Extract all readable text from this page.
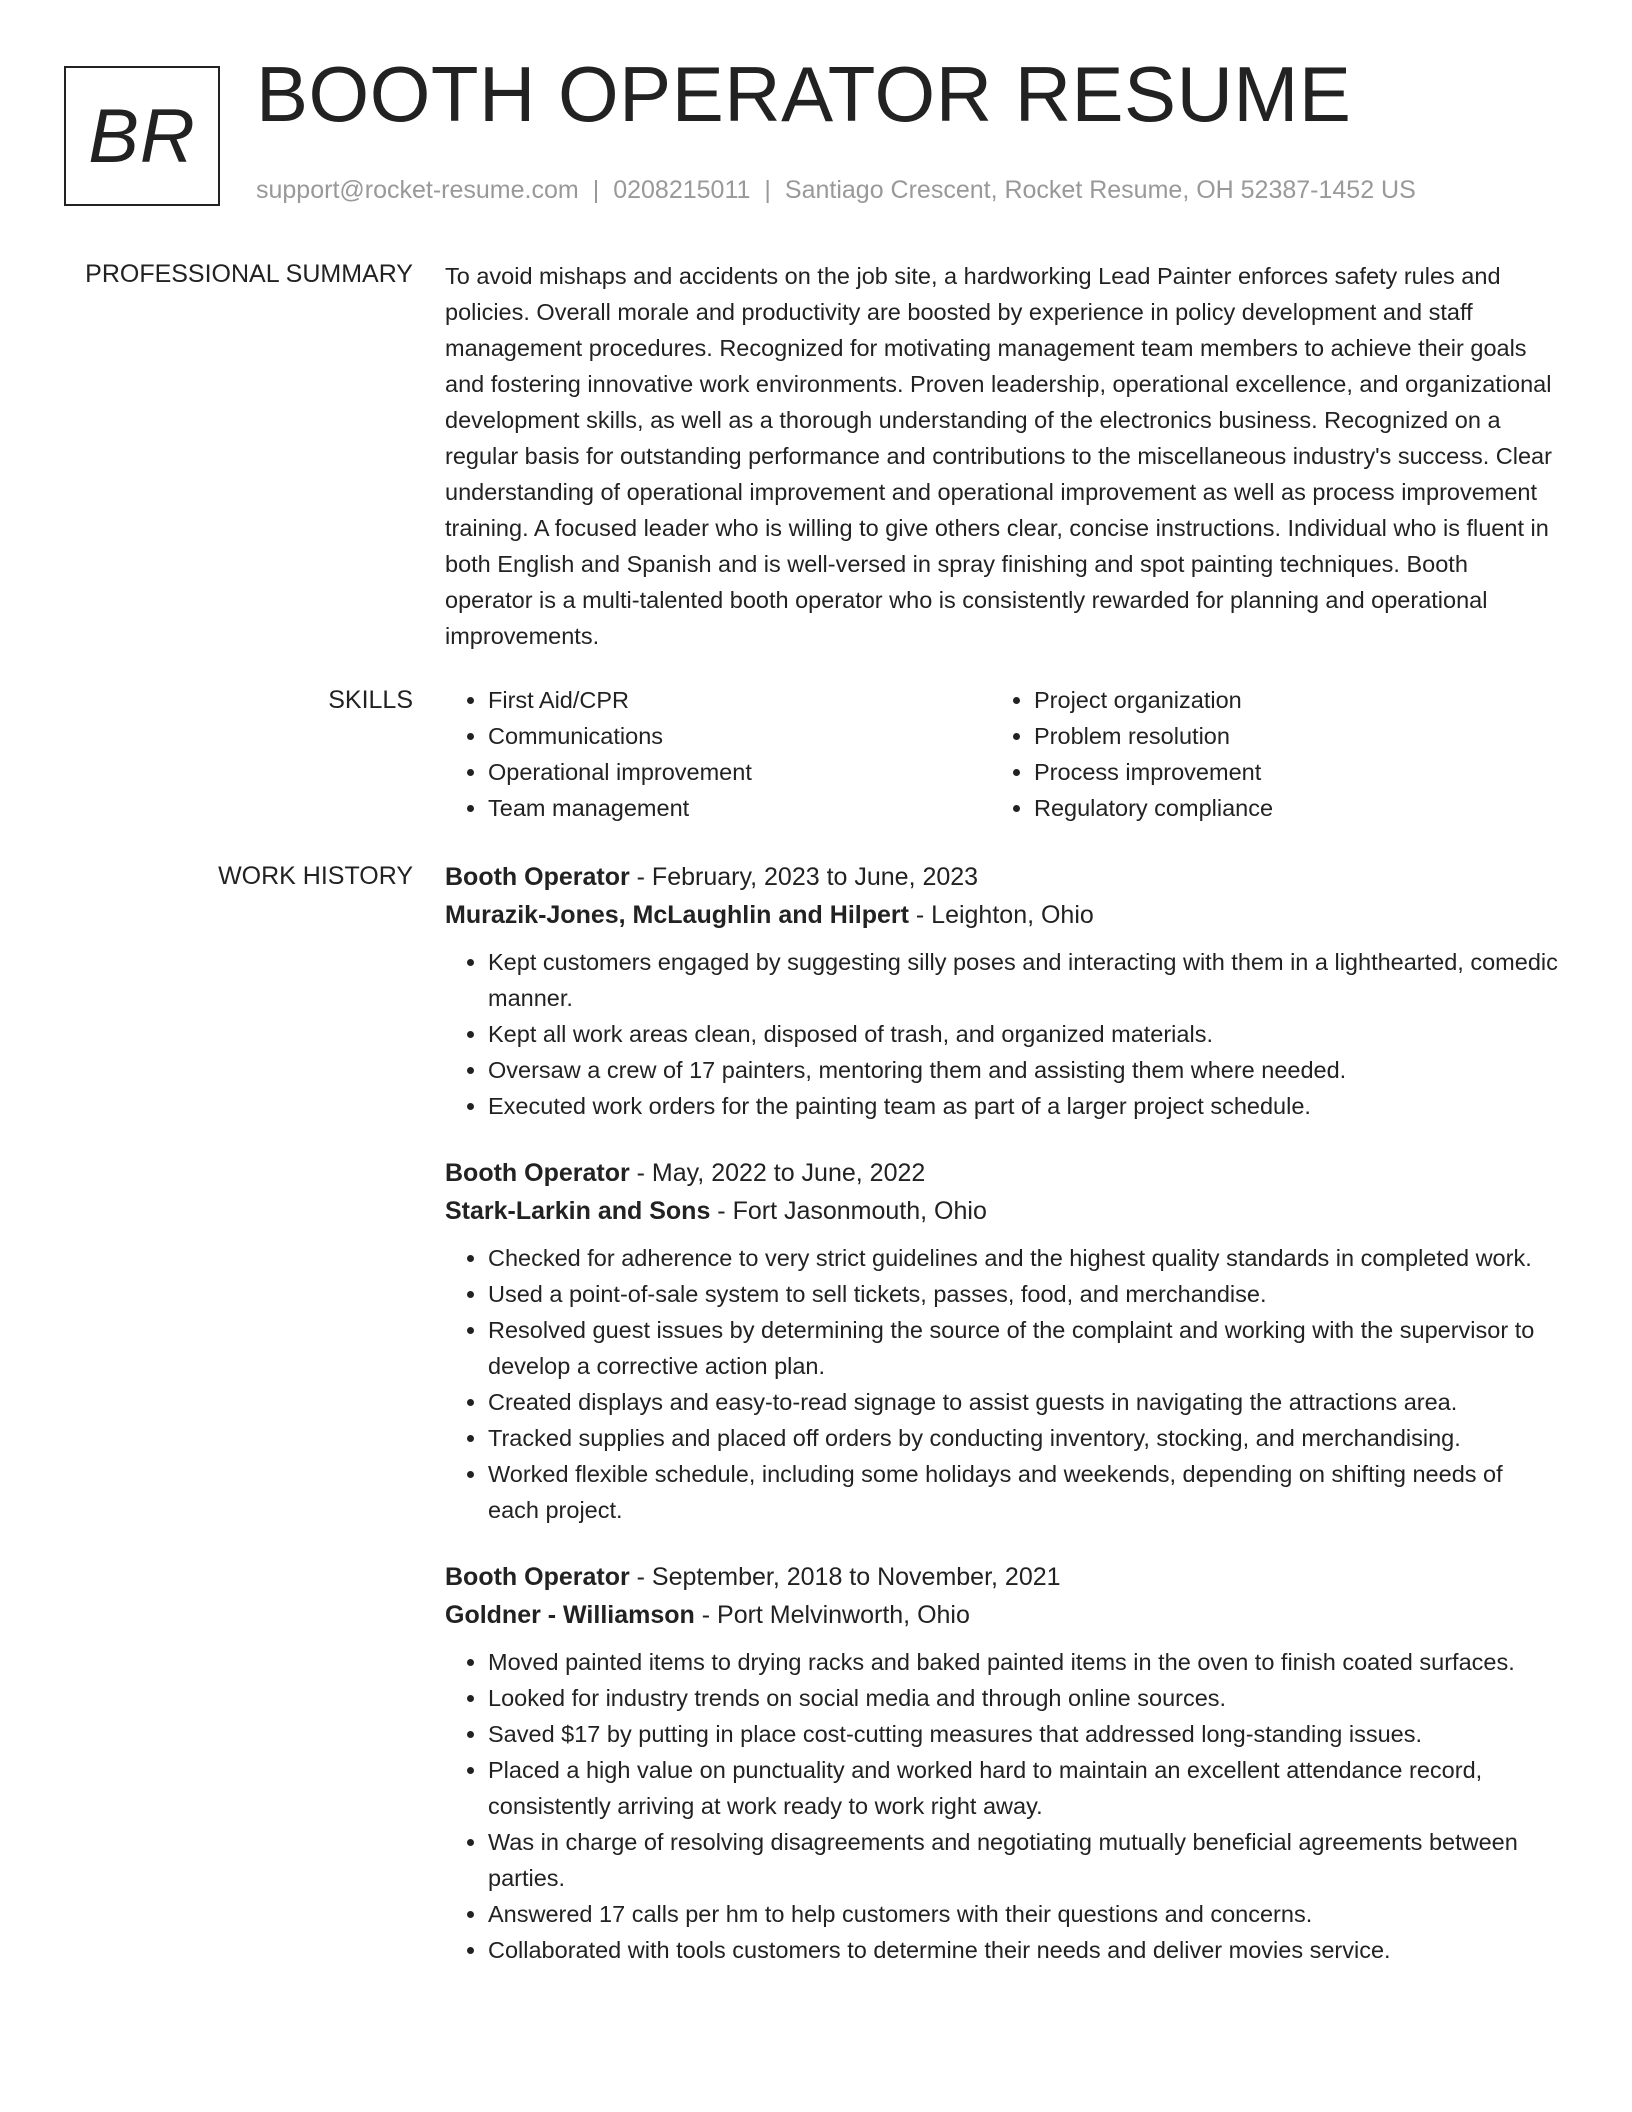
BR BOOTH OPERATOR RESUME
support@rocket-resume.com | 0208215011 | Santiago Crescent, Rocket Resume, OH 52387-1452 US
PROFESSIONAL SUMMARY To avoid mishaps and accidents on the job site, a hardworking Lead Painter enforces safety rules and policies. Overall morale and productivity are boosted by experience in policy development and staff management procedures. Recognized for motivating management team members to achieve their goals and fostering innovative work environments. Proven leadership, operational excellence, and organizational development skills, as well as a thorough understanding of the electronics business. Recognized on a regular basis for outstanding performance and contributions to the miscellaneous industry's success. Clear understanding of operational improvement and operational improvement as well as process improvement training. A focused leader who is willing to give others clear, concise instructions. Individual who is fluent in both English and Spanish and is well-versed in spray finishing and spot painting techniques. Booth operator is a multi-talented booth operator who is consistently rewarded for planning and operational improvements.

SKILLS
•	First Aid/CPR
• Communications
• Operational improvement
• Team management
• Project organization
• Problem resolution
• Process improvement
• Regulatory compliance
WORK HISTORY Booth Operator - February, 2023 to June, 2023
Murazik-Jones, McLaughlin and Hilpert - Leighton, Ohio
• Kept customers engaged by suggesting silly poses and interacting with them in a lighthearted, comedic manner.
• Kept all work areas clean, disposed of trash, and organized materials.
• Oversaw a crew of 17 painters, mentoring them and assisting them where needed.
• Executed work orders for the painting team as part of a larger project schedule.
Booth Operator - May, 2022 to June, 2022
Stark-Larkin and Sons - Fort Jasonmouth, Ohio
• Checked for adherence to very strict guidelines and the highest quality standards in completed work.
• Used a point-of-sale system to sell tickets, passes, food, and merchandise.
• Resolved guest issues by determining the source of the complaint and working with the supervisor to develop a corrective action plan.
• Created displays and easy-to-read signage to assist guests in navigating the attractions area.
• Tracked supplies and placed off orders by conducting inventory, stocking, and merchandising.
• Worked flexible schedule, including some holidays and weekends, depending on shifting needs of each project.
Booth Operator - September, 2018 to November, 2021
Goldner - Williamson - Port Melvinworth, Ohio
• Moved painted items to drying racks and baked painted items in the oven to finish coated surfaces.
• Looked for industry trends on social media and through online sources.
• Saved $17 by putting in place cost-cutting measures that addressed long-standing issues.
• Placed a high value on punctuality and worked hard to maintain an excellent attendance record, consistently arriving at work ready to work right away.
• Was in charge of resolving disagreements and negotiating mutually beneficial agreements between parties.
• Answered 17 calls per hm to help customers with their questions and concerns.
• Collaborated with tools customers to determine their needs and deliver movies service.
